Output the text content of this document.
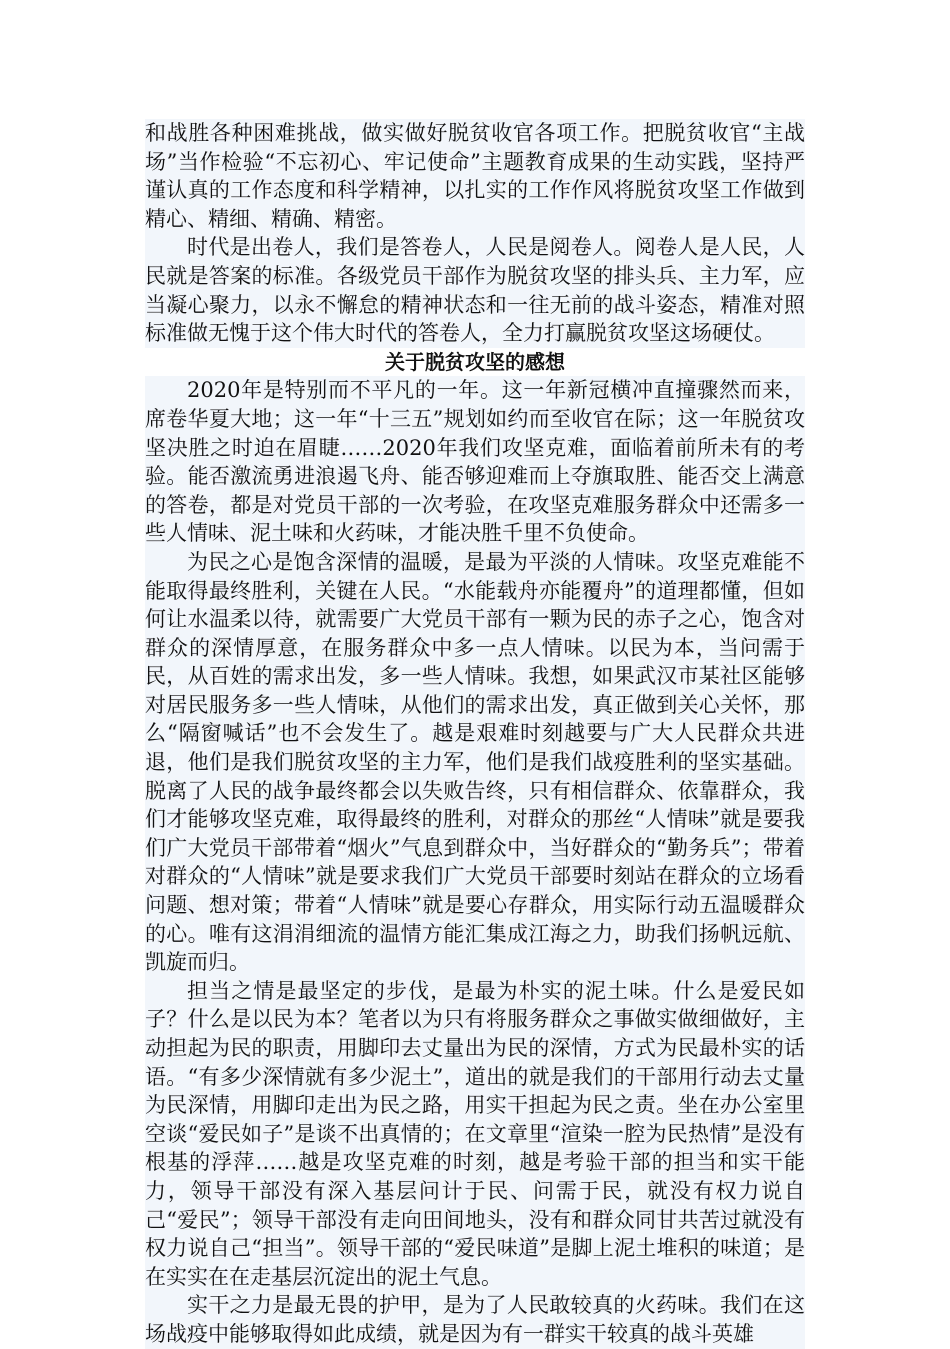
和战胜各种困难挑战，做实做好脱贫收官各项工作。把脱贫收官“主战场”当作检验“不忘初心、牢记使命”主题教育成果的生动实践，坚持严谨认真的工作态度和科学精神，以扎实的工作作风将脱贫攻坚工作做到精心、精细、精确、精密。

时代是出卷人，我们是答卷人，人民是阅卷人。阅卷人是人民，人民就是答案的标准。各级党员干部作为脱贫攻坚的排头兵、主力军，应当凝心聚力，以永不懈怠的精神状态和一往无前的战斗姿态，精准对照标准做无愧于这个伟大时代的答卷人，全力打赢脱贫攻坚这场硬仗。

关于脱贫攻坚的感想

2020年是特别而不平凡的一年。这一年新冠横冲直撞骤然而来，席卷华夏大地；这一年“十三五”规划如约而至收官在际；这一年脱贫攻坚决胜之时迫在眉睫……2020年我们攻坚克难，面临着前所未有的考验。能否激流勇进浪遏飞舟、能否够迎难而上夺旗取胜、能否交上满意的答卷，都是对党员干部的一次考验，在攻坚克难服务群众中还需多一些人情味、泥土味和火药味，才能决胜千里不负使命。

为民之心是饱含深情的温暖，是最为平淡的人情味。攻坚克难能不能取得最终胜利，关键在人民。“水能载舟亦能覆舟”的道理都懂，但如何让水温柔以待，就需要广大党员干部有一颗为民的赤子之心，饱含对群众的深情厚意，在服务群众中多一点人情味。以民为本，当问需于民，从百姓的需求出发，多一些人情味。我想，如果武汉市某社区能够对居民服务多一些人情味，从他们的需求出发，真正做到关心关怀，那么“隔窗喊话”也不会发生了。越是艰难时刻越要与广大人民群众共进退，他们是我们脱贫攻坚的主力军，他们是我们战疫胜利的坚实基础。脱离了人民的战争最终都会以失败告终，只有相信群众、依靠群众，我们才能够攻坚克难，取得最终的胜利，对群众的那丝“人情味”就是要我们广大党员干部带着“烟火”气息到群众中，当好群众的“勤务兵”；带着对群众的“人情味”就是要求我们广大党员干部要时刻站在群众的立场看问题、想对策；带着“人情味”就是要心存群众，用实际行动五温暖群众的心。唯有这涓涓细流的温情方能汇集成江海之力，助我们扬帆远航、凯旋而归。

担当之情是最坚定的步伐，是最为朴实的泥土味。什么是爱民如子？什么是以民为本？笔者以为只有将服务群众之事做实做细做好，主动担起为民的职责，用脚印去丈量出为民的深情，方式为民最朴实的话语。“有多少深情就有多少泥土”，道出的就是我们的干部用行动去丈量为民深情，用脚印走出为民之路，用实干担起为民之责。坐在办公室里空谈“爱民如子”是谈不出真情的；在文章里“渲染一腔为民热情”是没有根基的浮萍……越是攻坚克难的时刻，越是考验干部的担当和实干能力，领导干部没有深入基层问计于民、问需于民，就没有权力说自己“爱民”；领导干部没有走向田间地头，没有和群众同甘共苦过就没有权力说自己“担当”。领导干部的“爱民味道”是脚上泥土堆积的味道；是在实实在在走基层沉淀出的泥土气息。

实干之力是最无畏的护甲，是为了人民敢较真的火药味。我们在这场战疫中能够取得如此成绩，就是因为有一群实干较真的战斗英雄
